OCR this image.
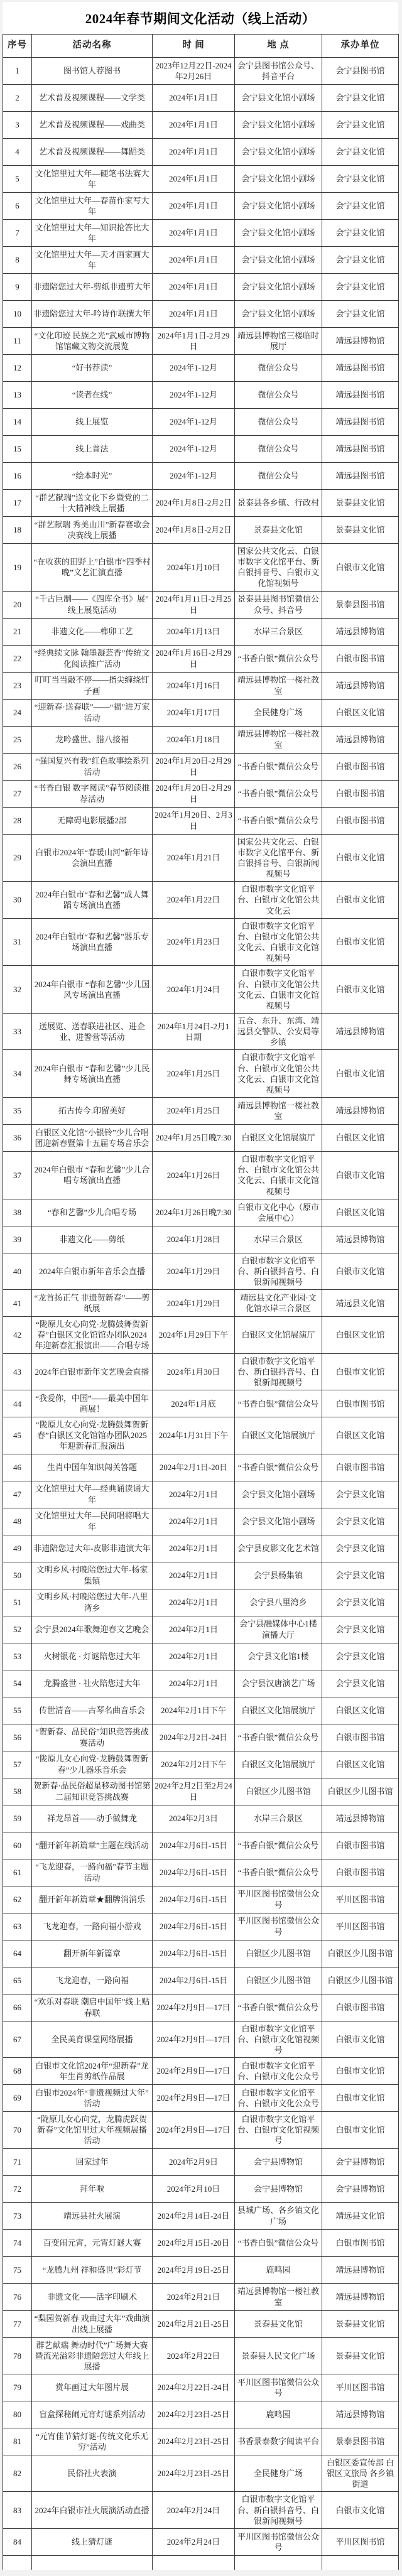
2024年春节期间文化活动（线上活动）
序号	活动名称	时 间	地 点	承办单位
1	图书馆人荐图书	2023年12月22日-2024年2月26日	会宁县图书馆公众号、抖音平台	会宁县图书馆
2	艺术普及视频课程——文学类	2024年1月1日	会宁县文化馆小剧场	会宁县文化馆
3	艺术普及视频课程——戏曲类	2024年1月1日	会宁县文化馆小剧场	会宁县文化馆
4	艺术普及视频课程——舞蹈类	2024年1月1日	会宁县文化馆小剧场	会宁县文化馆
5	文化馆里过大年—硬笔书法赛大年	2024年1月1日	会宁县文化馆小剧场	会宁县文化馆
6	文化馆里过大年—春苗作家写大年	2024年1月1日	会宁县文化馆小剧场	会宁县文化馆
7	文化馆里过大年—知识抢答比大年	2024年1月1日	会宁县文化馆小剧场	会宁县文化馆
8	文化馆里过大年—天才画家画大年	2024年1月1日	会宁县文化馆小剧场	会宁县文化馆
9	非遗陪您过大年-剪纸非遗剪大年	2024年1月1日	会宁县文化馆小剧场	会宁县文化馆
10	非遗陪您过大年-吟诗作联撰大年	2024年1月1日	会宁县文化馆小剧场	会宁县文化馆
11	“文化印迹 民族之光”武威市博物馆馆藏文物交流展览	2024年1月1日-2月29日	靖远县博物馆三楼临时展厅	靖远县博物馆
12	“好书荐读”	2024年1-12月	微信公众号	靖远县图书馆
13	“读者在线”	2024年1-12月	微信公众号	靖远县图书馆
14	线上展览	2024年1-12月	微信公众号	靖远县图书馆
15	线上普法	2024年1-12月	微信公众号	靖远县图书馆
16	“绘本时光”	2024年1-12月	微信公众号	靖远县图书馆
17	“群艺献瑞”送文化下乡暨党的二十大精神线上展播	2024年1月8日-2月2日	景泰县各乡镇、行政村	景泰县文化馆
18	“群艺献瑞 秀美山川”新春赛歌会决赛线上展播	2024年1月8日-2月2日	景泰县文化馆	景泰县文化馆
19	“在收获的田野上”白银市“四季村晚”文艺汇演直播	2024年1月10日	国家公共文化云、白银市数字文化馆平台、新白银抖音号、白银市文化馆视频号	白银市文化馆
20	“千古巨制——《四库全书》展”线上展览活动	2024年1月11日-2月25日	景泰县县图书馆微信公众号、抖音号	景泰县图书馆
21	非遗文化——榫卯工艺	2024年1月13日	水岸三合景区	靖远县博物馆
22	“经典续文脉 翰墨凝芸香”传统文化阅读推广活动	2024年1月16日-2月29日	“书香白银”微信公众号	白银市图书馆
23	叮叮当当敲不停——指尖缠绕钉子画	2024年1月16日	靖远县博物馆一楼社教室	靖远县博物馆
24	“迎新春·送春联”——“福”进万家活动	2024年1月17日	全民健身广场	白银区文化馆
25	龙吟盛世、腊八接福	2024年1月18日	靖远县博物馆一楼社教室	靖远县博物馆
26	“强国复兴有我”红色故事绘系列活动	2024年1月20日-2月29日	“书香白银”微信公众号	白银市图书馆
27	“书香白银 数字阅读”春节阅读推荐活动	2024年1月20日-2月29日	“书香白银”微信公众号	白银市图书馆
28	无障碍电影展播2部	2024年1月20日、2月3日	“书香白银”微信公众号	白银市图书馆
29	白银市2024年“春暖山河”新年诗会演出直播	2024年1月21日	国家公共文化云、白银市数字文化馆平台、新白银抖音号、白银新闻视频号	白银市文化馆
30	2024年白银市“春和艺馨”成人舞蹈专场演出直播	2024年1月22日	白银市数字文化馆平台、白银市文化馆公共文化云	白银市文化馆
31	2024年白银市“春和艺馨”器乐专场演出直播	2024年1月23日	白银市数字文化馆平台、白银市文化馆公共文化云、白银市文化馆视频号	白银市文化馆
32	2024年白银市 “春和艺馨”少儿国风专场演出直播	2024年1月24日	白银市数字文化馆平台、白银市文化馆公共文化云、白银市文化馆视频号	白银市文化馆
33	送展览、送春联进社区、进企业、进警营等活动	2024年1月24日-2月1日期	五合、东升、东湾、靖远县交警队、公安局等乡镇	靖远县博物馆
34	2024年白银市 “春和艺馨”少儿民舞专场演出直播	2024年1月25日	白银市数字文化馆平台、白银市文化馆公共文化云、白银市文化馆视频号	白银市文化馆
35	拓古传今.印留美好	2024年1月25日	靖远县博物馆一楼社教室	靖远县博物馆
36	白银区文化馆“小银铃”少儿合唱团迎新春暨第十五届专场音乐会	2024年1月25日晚7:30	白银区文化馆展演厅	白银区文化馆
37	2024年白银市 “春和艺馨”少儿合唱专场演出直播	2024年1月26日	白银市数字文化馆平台、白银市文化馆公共文化云、白银市文化馆视频号	白银市文化馆
38	“春和艺馨”少儿合唱专场	2024年1月26日晚7:30	白银市文化中心（原市会展中心）	白银区文化馆
39	非遗文化——剪纸	2024年1月28日	水岸三合景区	靖远县博物馆
40	2024年白银市新年音乐会直播	2024年1月29日	白银市数字文化馆平台、新白银抖音号、白银新闻视频号	白银市文化馆
41	“龙首扬正气 非遗贺新春”——剪纸展	2024年1月29日	靖远县文化产业园·文化馆水岸三合景区	靖远县文化馆
42	“陇原儿女心向党·龙腾鼓舞贺新春”白银区文化馆馆办团队2024年迎新春汇报演出——合唱专场	2024年1月29日下午	白银区文化馆展演厅	白银区文化馆
43	2024年白银市新年文艺晚会直播	2024年1月30日	白银市数字文化馆平台、新白银抖音号、白银新闻视频号	白银市文化馆
44	“我爱你，中国”——最美中国年画展！	2024年1月底	“书香白银”微信公众号	白银市图书馆
45	“陇原儿女心向党·龙腾鼓舞贺新春”白银区文化馆馆办团队2025年迎新春汇报演出	2024年1月31日下午	白银区文化馆展演厅	白银区文化馆
46	生肖中国年知识闯关答题	2024年2月1日-20日	“书香白银”微信公众号	白银市图书馆
47	文化馆里过大年—经典诵读诵大年	2024年2月1日	会宁县文化馆小剧场	会宁县文化馆
48	文化馆里过大年—民间唱将唱大年	2024年2月1日	会宁县文化馆小剧场	会宁县文化馆
49	非遗陪您过大年-皮影非遗演大年	2024年2月1日	会宁县皮影文化艺术馆	会宁县文化馆
50	文明乡风·村晚陪您过大年-杨家集镇	2024年2月1日	会宁县杨集镇	会宁县文化馆
51	文明乡风·村晚陪您过大年-八里湾乡	2024年2月1日	会宁县八里湾乡	会宁县文化馆
52	会宁县2024年歌舞迎春文艺晚会	2024年2月1日	会宁县融媒体中心1楼演播大厅	会宁县文化馆
53	火树银花 · 灯谜陪您过大年	2024年2月1日	会宁县文化馆1楼	会宁县文化馆
54	龙腾盛世 · 社火陪您过大年	2024年2月1日	会宁县汉唐演艺广场	会宁县文化馆
55	传世清音——古琴名曲音乐会	2024年2月1日下午	白银区文化馆展演厅	白银区文化馆
56	“贺新春、品民俗”知识竞答挑战赛活动	2024年2月2日-24日	“书香白银”微信公众号	白银市图书馆
57	“陇原儿女心向党·龙腾鼓舞贺新春”少儿器乐音乐会	2024年2月2日下午	白银区文化馆展演厅	白银区文化馆
58	贺新春·品民俗超星移动图书馆第二届知识竞答挑战赛	2024年2月2日至2月24日	白银区少儿图书馆	白银区少儿图书馆
59	祥龙昂首——动手做舞龙	2024年2月3日	水岸三合景区	靖远县博物馆
60	“翻开新年新篇章”主题在线活动	2024年2月6日-15日	“书香白银”微信公众号	白银市图书馆
61	“飞龙迎春，一路向福”春节主题活动	2024年2月6日-15日	“书香白银”微信公众号	白银市图书馆
62	翻开新年新篇章★翻牌消消乐	2024年2月6日-15日	平川区图书馆微信公众号	平川区图书馆
63	飞龙迎春，一路向福小游戏	2024年2月6日-15日	平川区图书馆微信公众号	平川区图书馆
64	翻开新年新篇章	2024年2月6日-15日	白银区少儿图书馆	白银区少儿图书馆
65	飞龙迎春，一路向福	2024年2月6日-15日	白银区少儿图书馆	白银区少儿图书馆
66	“欢乐对春联 潮启中国年”线上贴春联	2024年2月9日—17日	“书香白银”微信公众号	白银市图书馆
67	全民美育课堂网络展播	2024年2月9日—17日	白银市数字文化馆平台、白银市文化馆视频号	白银市文化馆
68	白银市文化馆2024年“迎新春”龙年生肖剪纸作品展	2024年2月9日—17日	白银市数字文化馆平台、白银市文化公众号	白银市文化馆
69	白银市2024年“非遗视频过大年”活动	2024年2月9日—17日	白银市数字文化馆平台、白银市文化公众号	白银市文化馆
70	“陇原儿女心向党，龙腾虎跃贺新春”文化馆里过大年视频展播活动	2024年2月9日—17日	白银市数字文化馆平台、白银市文化馆视频号	白银市文化馆
71	回家过年	2024年2月9日	会宁县博物馆	会宁县博物馆
72	拜年啦	2024年2月10日	会宁县博物馆	会宁县博物馆
73	靖远县社火展演	2024年2月14日-24日	县城广场、各乡镇文化广场	靖远县文化馆
74	百变闹元宵，元宵灯谜大赛	2024年2月15日-20日	“书香白银”微信公众号	白银市图书馆
75	“龙腾九州 祥和盛世”彩灯节	2024年2月19日-25日	鹿鸣园	靖远县博物馆
76	非遗文化——活字印刷术	2024年2月21日	靖远县博物馆一楼社教室	靖远县博物馆
77	“梨园贺新春 戏曲过大年”戏曲演出线上展播	2024年2月21日-25日	景泰县文化馆	景泰县文化馆
78	群艺献瑞 舞动时代”广场舞大赛暨流光溢彩非遗陪您过大年线上展播	2024年2月22日	景泰县人民文化广场	景泰县文化馆
79	赏年画过大年图片展	2024年2月22日-24日	平川区图书馆微信公众号	平川区图书馆
80	盲盒探秘闹元宵灯谜系列活动	2024年2月23日-25日	鹿鸣园	靖远县博物馆
81	“元宵佳节猜灯谜·传统文化乐无穷”活动	2024年2月23日-25日	书香景泰数字阅读平台	景泰县图书馆
82	民俗社火表演	2024年2月23日-25日	全民健身广场	白银区委宣传部 白银区文旅局 各乡镇街道
83	2024年白银市社火展演活动直播	2024年2月24日	白银市数字文化馆平台、新白银抖音号、白银新闻视频号	白银市文化馆
84	线上猜灯谜	2024年2月24日	平川区图书馆微信公众号	平川区图书馆
